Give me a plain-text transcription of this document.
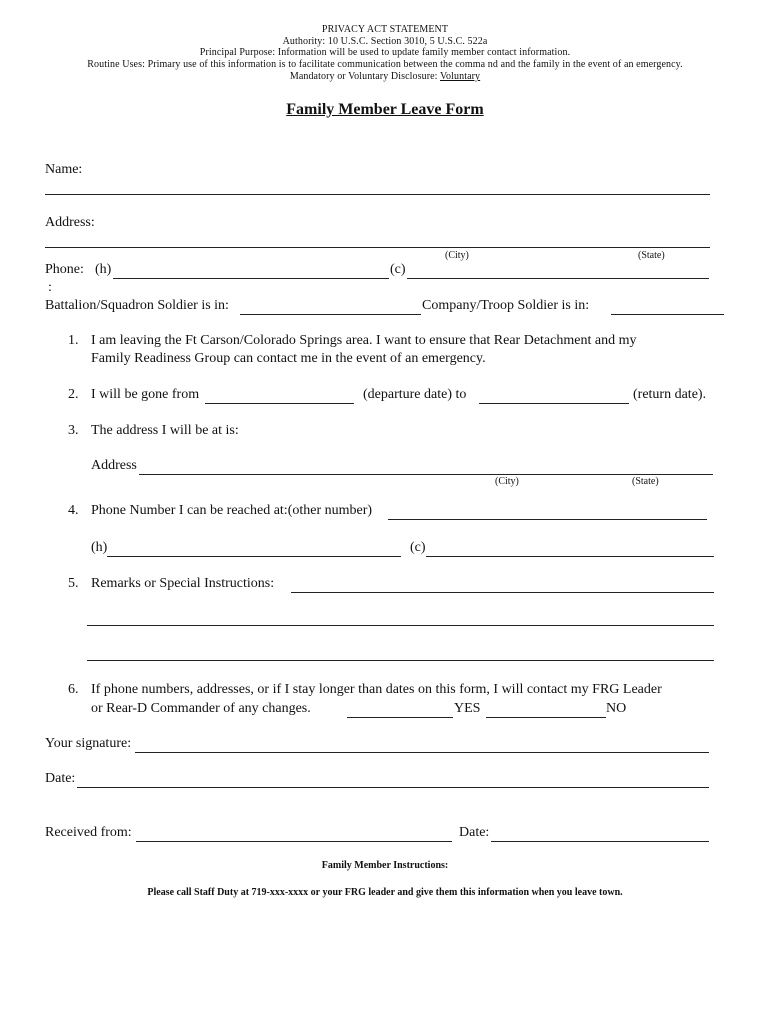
PRIVACY ACT STATEMENT
Authority: 10 U.S.C. Section 3010, 5 U.S.C. 522a
Principal Purpose: Information will be used to update family member contact information.
Routine Uses: Primary use of this information is to facilitate communication between the comma nd and the family in the event of an emergency.
Mandatory or Voluntary Disclosure: Voluntary
Family Member Leave Form
Name:
Address:
(City)	(State)
Phone: (h)	(c)
:
Battalion/Squadron Soldier is in:	Company/Troop Soldier is in:
1. I am leaving the Ft Carson/Colorado Springs area. I want to ensure that Rear Detachment and my
Family Readiness Group can contact me in the event of an emergency.
2. I will be gone from	(departure date) to	(return date).
3. The address I will be at is:
Address
(City)	(State)
4. Phone Number I can be reached at:(other number)
(h)	(c)
5. Remarks or Special Instructions:
6. If phone numbers, addresses, or if I stay longer than dates on this form, I will contact my FRG Leader
or Rear-D Commander of any changes.	YES	NO
Your signature:
Date:
Received from:	Date:
Family Member Instructions:
Please call Staff Duty at 719-xxx-xxxx or your FRG leader and give them this information when you leave town.
